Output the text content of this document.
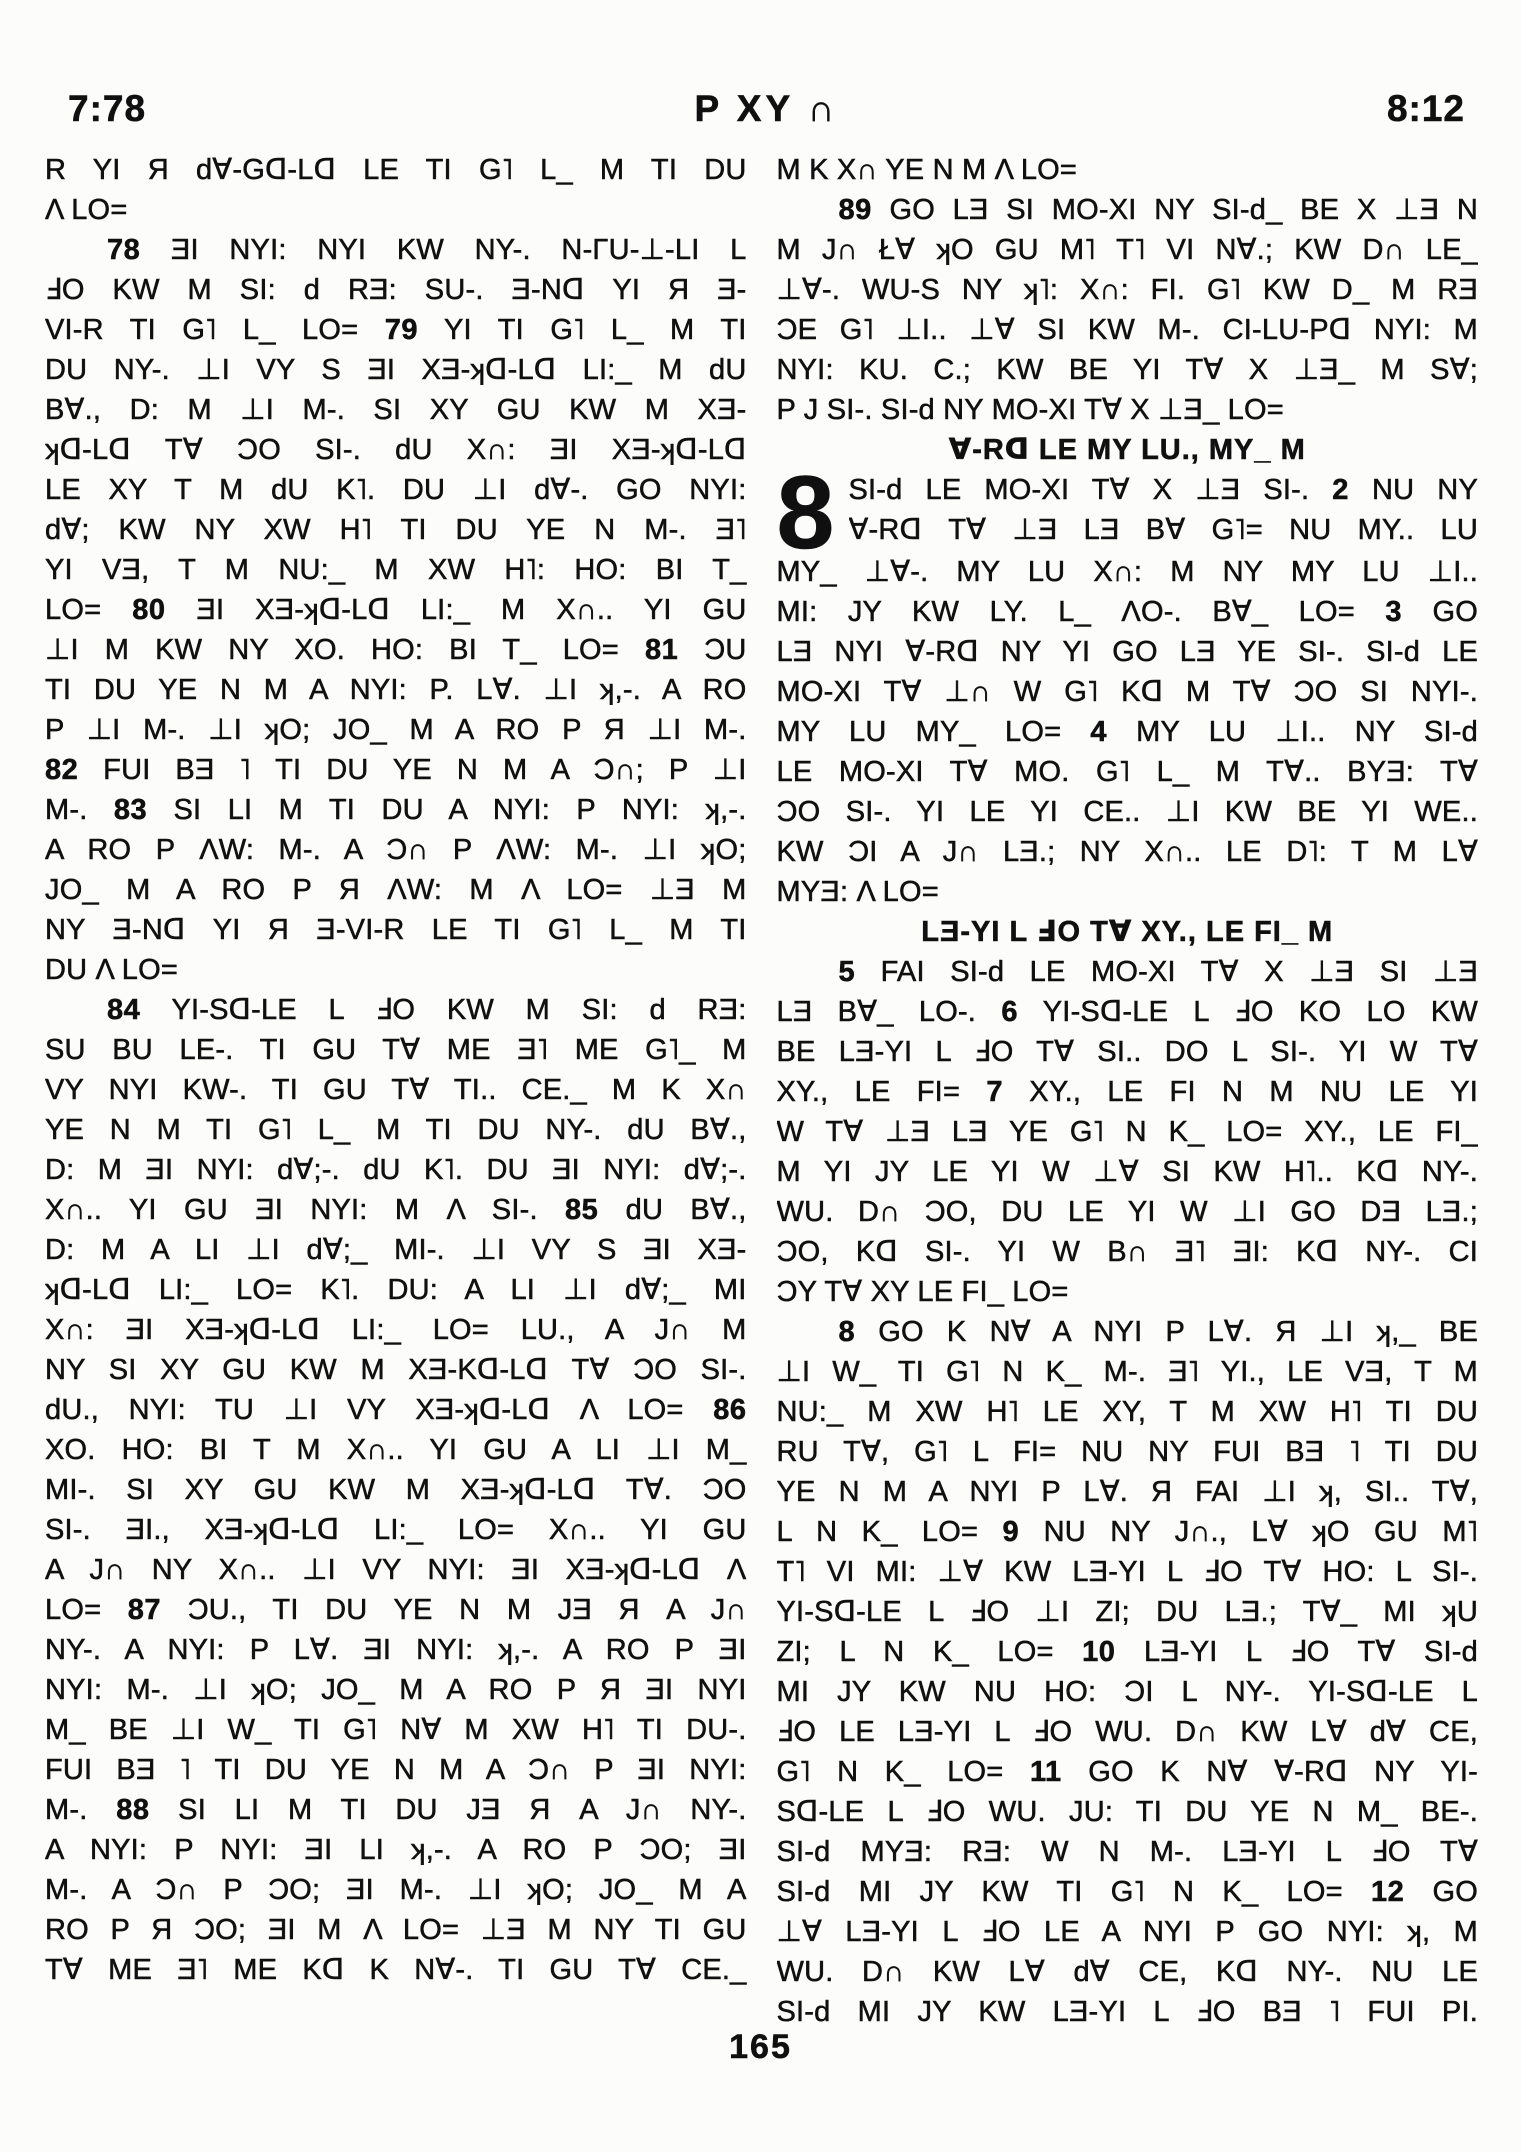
7:78	P XY ∩	8:12
R YI Я d∀-Gᗡ-Lᗡ LE TI G˥ L_ M TI DU
Λ LO=
78 ƎI NYI: NYI KW NY-. N-ΓU-⊥-LI L
ℲO KW M SI: d RƎ: SU-. Ǝ-Nᗡ YI Я Ǝ-
VI-R TI G˥ L_ LO= 79 YI TI G˥ L_ M TI
DU NY-. ⊥I VY S ƎI XƎ-ʞᗡ-Lᗡ LI:_ M dU
B∀., D: M ⊥I M-. SI XY GU KW M XƎ-
ʞᗡ-Lᗡ T∀ ƆO SI-. dU X∩: ƎI XƎ-ʞᗡ-Lᗡ
LE XY T M dU K˥. DU ⊥I d∀-. GO NYI:
d∀; KW NY XW H˥ TI DU YE N M-. Ǝ˥
YI VƎ, T M NU:_ M XW H˥: HO: BI T_
LO= 80 ƎI XƎ-ʞᗡ-Lᗡ LI:_ M X∩.. YI GU
⊥I M KW NY XO. HO: BI T_ LO= 81 ƆU
TI DU YE N M A NYI: P. L∀. ⊥I ʞ,-. A RO
P ⊥I M-. ⊥I ʞO; JO_ M A RO P Я ⊥I M-.
82 FUI BƎ ˥ TI DU YE N M A Ɔ∩; P ⊥I
M-. 83 SI LI M TI DU A NYI: P NYI: ʞ,-.
A RO P ΛW: M-. A Ɔ∩ P ΛW: M-. ⊥I ʞO;
JO_ M A RO P Я ΛW: M Λ LO= ⊥Ǝ M
NY Ǝ-Nᗡ YI Я Ǝ-VI-R LE TI G˥ L_ M TI
DU Λ LO=
84 YI-Sᗡ-LE L ℲO KW M SI: d RƎ:
SU BU LE-. TI GU T∀ ME Ǝ˥ ME G˥_ M
VY NYI KW-. TI GU T∀ TI.. CE._ M K X∩
YE N M TI G˥ L_ M TI DU NY-. dU B∀.,
D: M ƎI NYI: d∀;-. dU K˥. DU ƎI NYI: d∀;-.
X∩.. YI GU ƎI NYI: M Λ SI-. 85 dU B∀.,
D: M A LI ⊥I d∀;_ MI-. ⊥I VY S ƎI XƎ-
ʞᗡ-Lᗡ LI:_ LO= K˥. DU: A LI ⊥I d∀;_ MI
X∩: ƎI XƎ-ʞᗡ-Lᗡ LI:_ LO= LU., A J∩ M
NY SI XY GU KW M XƎ-Kᗡ-Lᗡ T∀ ƆO SI-.
dU., NYI: TU ⊥I VY XƎ-ʞᗡ-Lᗡ Λ LO= 86
XO. HO: BI T M X∩.. YI GU A LI ⊥I M_
MI-. SI XY GU KW M XƎ-ʞᗡ-Lᗡ T∀. ƆO
SI-. ƎI., XƎ-ʞᗡ-Lᗡ LI:_ LO= X∩.. YI GU
A J∩ NY X∩.. ⊥I VY NYI: ƎI XƎ-ʞᗡ-Lᗡ Λ
LO= 87 ƆU., TI DU YE N M JƎ Я A J∩
NY-. A NYI: P L∀. ƎI NYI: ʞ,-. A RO P ƎI
NYI: M-. ⊥I ʞO; JO_ M A RO P Я ƎI NYI
M_ BE ⊥I W_ TI G˥ N∀ M XW H˥ TI DU-.
FUI BƎ ˥ TI DU YE N M A Ɔ∩ P ƎI NYI:
M-. 88 SI LI M TI DU JƎ Я A J∩ NY-.
A NYI: P NYI: ƎI LI ʞ,-. A RO P ƆO; ƎI
M-. A Ɔ∩ P ƆO; ƎI M-. ⊥I ʞO; JO_ M A
RO P Я ƆO; ƎI M Λ LO= ⊥Ǝ M NY TI GU
T∀ ME Ǝ˥ ME Kᗡ K N∀-. TI GU T∀ CE._
M K X∩ YE N M Λ LO=
89 GO LƎ SI MO-XI NY SI-d_ BE X ⊥Ǝ N
M J∩ Ł∀ ʞO GU M˥ T˥ VI N∀.; KW D∩ LE_
⊥∀-. WU-S NY ʞ˥: X∩: FI. G˥ KW D_ M RƎ
ƆE G˥ ⊥I.. ⊥∀ SI KW M-. CI-LU-Pᗡ NYI: M
NYI: KU. C.; KW BE YI T∀ X ⊥Ǝ_ M S∀;
P J SI-. SI-d NY MO-XI T∀ X ⊥Ǝ_ LO=
∀-Rᗡ LE MY LU., MY_ M
8 SI-d LE MO-XI T∀ X ⊥Ǝ SI-. 2 NU NY
∀-Rᗡ T∀ ⊥Ǝ LƎ B∀ G˥= NU MY.. LU
MY_ ⊥∀-. MY LU X∩: M NY MY LU ⊥I..
MI: JY KW LY. L_ ΛO-. B∀_ LO= 3 GO
LƎ NYI ∀-Rᗡ NY YI GO LƎ YE SI-. SI-d LE
MO-XI T∀ ⊥∩ W G˥ Kᗡ M T∀ ƆO SI NYI-.
MY LU MY_ LO= 4 MY LU ⊥I.. NY SI-d
LE MO-XI T∀ MO. G˥ L_ M T∀.. BYƎ: T∀
ƆO SI-. YI LE YI CE.. ⊥I KW BE YI WE..
KW ƆI A J∩ LƎ.; NY X∩.. LE D˥: T M L∀
MYƎ: Λ LO=
LƎ-YI L ℲO T∀ XY., LE FI_ M
5 FAI SI-d LE MO-XI T∀ X ⊥Ǝ SI ⊥Ǝ
LƎ B∀_ LO-. 6 YI-Sᗡ-LE L ℲO KO LO KW
BE LƎ-YI L ℲO T∀ SI.. DO L SI-. YI W T∀
XY., LE FI= 7 XY., LE FI N M NU LE YI
W T∀ ⊥Ǝ LƎ YE G˥ N K_ LO= XY., LE FI_
M YI JY LE YI W ⊥∀ SI KW H˥.. Kᗡ NY-.
WU. D∩ ƆO, DU LE YI W ⊥I GO DƎ LƎ.;
ƆO, Kᗡ SI-. YI W B∩ Ǝ˥ ƎI: Kᗡ NY-. CI
ƆY T∀ XY LE FI_ LO=
8 GO K N∀ A NYI P L∀. Я ⊥I ʞ,_ BE
⊥I W_ TI G˥ N K_ M-. Ǝ˥ YI., LE VƎ, T M
NU:_ M XW H˥ LE XY, T M XW H˥ TI DU
RU T∀, G˥ L FI= NU NY FUI BƎ ˥ TI DU
YE N M A NYI P L∀. Я FAI ⊥I ʞ, SI.. T∀,
L N K_ LO= 9 NU NY J∩., L∀ ʞO GU M˥
T˥ VI MI: ⊥∀ KW LƎ-YI L ℲO T∀ HO: L SI-.
YI-Sᗡ-LE L ℲO ⊥I ZI; DU LƎ.; T∀_ MI ʞU
ZI; L N K_ LO= 10 LƎ-YI L ℲO T∀ SI-d
MI JY KW NU HO: ƆI L NY-. YI-Sᗡ-LE L
ℲO LE LƎ-YI L ℲO WU. D∩ KW L∀ d∀ CE,
G˥ N K_ LO= 11 GO K N∀ ∀-Rᗡ NY YI-
Sᗡ-LE L ℲO WU. JU: TI DU YE N M_ BE-.
SI-d MYƎ: RƎ: W N M-. LƎ-YI L ℲO T∀
SI-d MI JY KW TI G˥ N K_ LO= 12 GO
⊥∀ LƎ-YI L ℲO LE A NYI P GO NYI: ʞ, M
WU. D∩ KW L∀ d∀ CE, Kᗡ NY-. NU LE
SI-d MI JY KW LƎ-YI L ℲO BƎ ˥ FUI PI.
165
